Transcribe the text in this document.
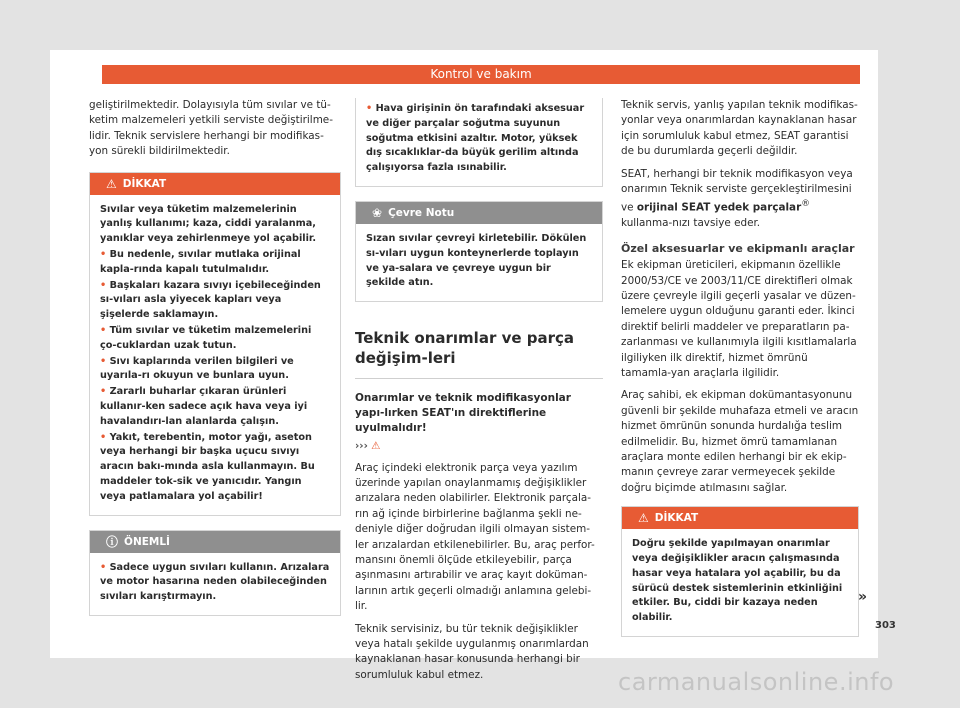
Kontrol ve bakım

geliştirilmektedir. Dolayısıyla tüm sıvılar ve tü-ketim malzemeleri yetkili serviste değiştirilme-lidir. Teknik servislere herhangi bir modifikas-yon sürekli bildirilmektedir.

⚠ DİKKAT

Sıvılar veya tüketim malzemelerinin yanlış kullanımı; kaza, ciddi yaralanma, yanıklar veya zehirlenmeye yol açabilir.

• Bu nedenle, sıvılar mutlaka orijinal kapla-rında kapalı tutulmalıdır.

• Başkaları kazara sıvıyı içebileceğinden sı-vıları asla yiyecek kapları veya şişelerde saklamayın.

• Tüm sıvılar ve tüketim malzemelerini ço-cuklardan uzak tutun.

• Sıvı kaplarında verilen bilgileri ve uyarıla-rı okuyun ve bunlara uyun.

• Zararlı buharlar çıkaran ürünleri kullanır-ken sadece açık hava veya iyi havalandırı-lan alanlarda çalışın.

• Yakıt, terebentin, motor yağı, aseton veya herhangi bir başka uçucu sıvıyı aracın bakı-mında asla kullanmayın. Bu maddeler tok-sik ve yanıcıdır. Yangın veya patlamalara yol açabilir!

ⓘ ÖNEMLİ

• Sadece uygun sıvıları kullanın. Arızalara ve motor hasarına neden olabileceğinden sıvıları karıştırmayın.

• Hava girişinin ön tarafındaki aksesuar ve diğer parçalar soğutma suyunun soğutma etkisini azaltır. Motor, yüksek dış sıcaklıklar-da büyük gerilim altında çalışıyorsa fazla ısınabilir.

❀ Çevre Notu

Sızan sıvılar çevreyi kirletebilir. Dökülen sı-vıları uygun konteynerlerde toplayın ve ya-salara ve çevreye uygun bir şekilde atın.

Teknik onarımlar ve parça değişim-leri
Onarımlar ve teknik modifikasyonlar yapı-lırken SEAT'ın direktiflerine uyulmalıdır!

››› ⚠

Araç içindeki elektronik parça veya yazılım üzerinde yapılan onaylanmamış değişiklikler arızalara neden olabilirler. Elektronik parçala-rın ağ içinde birbirlerine bağlanma şekli ne-deniyle diğer doğrudan ilgili olmayan sistem-ler arızalardan etkilenebilirler. Bu, araç perfor-mansını önemli ölçüde etkileyebilir, parça aşınmasını artırabilir ve araç kayıt doküman-larının artık geçerli olmadığı anlamına gelebi-lir.

Teknik servisiniz, bu tür teknik değişiklikler veya hatalı şekilde uygulanmış onarımlardan kaynaklanan hasar konusunda herhangi bir sorumluluk kabul etmez.

Teknik servis, yanlış yapılan teknik modifikas-yonlar veya onarımlardan kaynaklanan hasar için sorumluluk kabul etmez, SEAT garantisi de bu durumlarda geçerli değildir.

SEAT, herhangi bir teknik modifikasyon veya onarımın Teknik serviste gerçekleştirilmesini ve orijinal SEAT yedek parçalar® kullanma-nızı tavsiye eder.

Özel aksesuarlar ve ekipmanlı araçlar

Ek ekipman üreticileri, ekipmanın özellikle 2000/53/CE ve 2003/11/CE direktifleri olmak üzere çevreyle ilgili geçerli yasalar ve düzen-lemelere uygun olduğunu garanti eder. İkinci direktif belirli maddeler ve preparatların pa-zarlanması ve kullanımıyla ilgili kısıtlamalarla ilgiliyken ilk direktif, hizmet ömrünü tamamla-yan araçlarla ilgilidir.

Araç sahibi, ek ekipman dokümantasyonunu güvenli bir şekilde muhafaza etmeli ve aracın hizmet ömrünün sonunda hurdalığa teslim edilmelidir. Bu, hizmet ömrü tamamlanan araçlara monte edilen herhangi bir ek ekip-manın çevreye zarar vermeyecek şekilde doğru biçimde atılmasını sağlar.

⚠ DİKKAT

Doğru şekilde yapılmayan onarımlar veya değişiklikler aracın çalışmasında hasar veya hatalara yol açabilir, bu da sürücü destek sistemlerinin etkinliğini etkiler. Bu, ciddi bir kazaya neden olabilir.

»
303
carmanualsonline.info
